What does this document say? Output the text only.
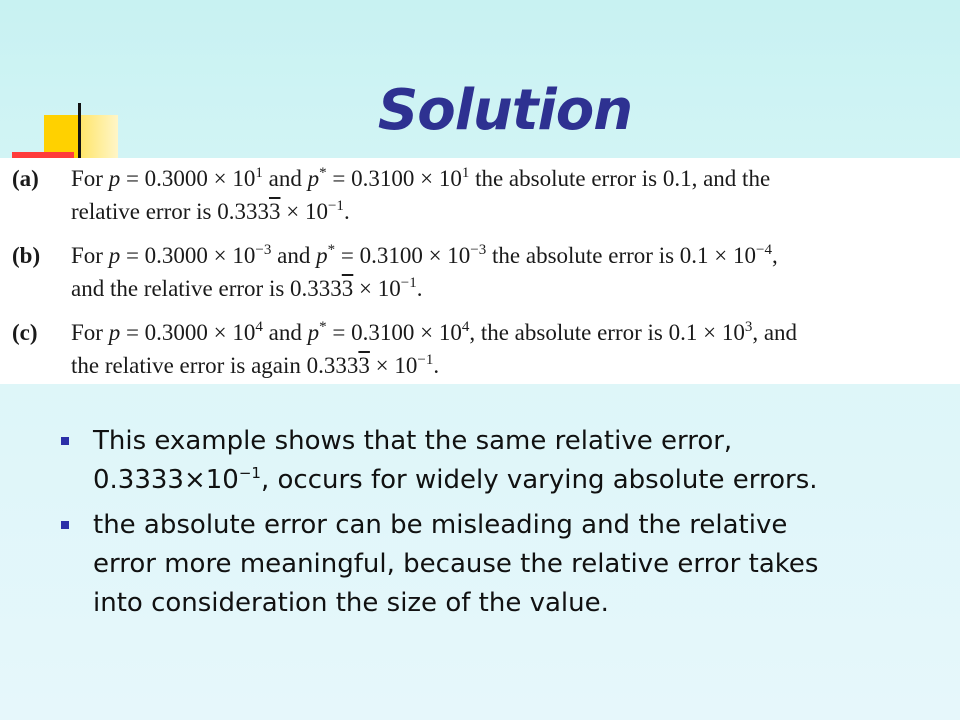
Solution
(a) For $p = 0.3000 \times 10^1$ and $p^* = 0.3100 \times 10^1$ the absolute error is 0.1, and the
relative error is $0.3333 \times 10^{-1}$.
(b) For $p = 0.3000 \times 10^{-3}$ and $p^* = 0.3100 \times 10^{-3}$ the absolute error is $0.1 \times 10^{-4}$,
and the relative error is $0.3333 \times 10^{-1}$.
(c) For $p = 0.3000 \times 10^4$ and $p^* = 0.3100 \times 10^4$, the absolute error is $0.1 \times 10^3$, and
the relative error is again $0.3333 \times 10^{-1}$.
This example shows that the same relative error,
$0.3333\times 10^{-1}$, occurs for widely varying absolute errors.
the absolute error can be misleading and the relative
error more meaningful, because the relative error takes
into consideration the size of the value.
